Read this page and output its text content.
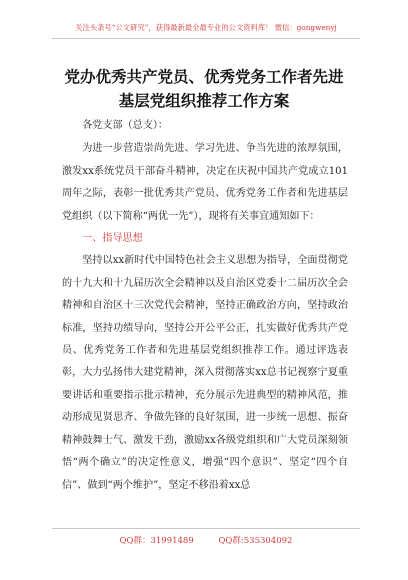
关注头条号“公文研究”，获得最新最全最专业的公文资料库！ 微信：gongwenyj
党办优秀共产党员、优秀党务工作者先进
基层党组织推荐工作方案

各党支部（总支）：

为进一步营造崇尚先进、学习先进、争当先进的浓厚氛围，激发xx系统党员干部奋斗精神，决定在庆祝中国共产党成立101周年之际，表彰一批优秀共产党员、优秀党务工作者和先进基层党组织（以下简称“两优一先”），现将有关事宜通知如下：

一、指导思想

坚持以xx新时代中国特色社会主义思想为指导，全面贯彻党的十九大和十九届历次全会精神以及自治区党委十二届历次全会精神和自治区十三次党代会精神，坚持正确政治方向，坚持政治标准，坚持功绩导向，坚持公开公平公正，扎实做好优秀共产党员、优秀党务工作者和先进基层党组织推荐工作。通过评选表彰，大力弘扬伟大建党精神，深入贯彻落实xx总书记视察宁夏重要讲话和重要指示批示精神，充分展示先进典型的精神风范，推动形成见贤思齐、争做先锋的良好氛围，进一步统一思想、振奋精神鼓舞士气、激发干劲，激励xx各级党组织和广大党员深刻领悟“两个确立”的决定性意义，增强“四个意识”、坚定“四个自信”、做到“两个维护”，坚定不移沿着xx总

QQ群：31991489	QQ群:535304092
